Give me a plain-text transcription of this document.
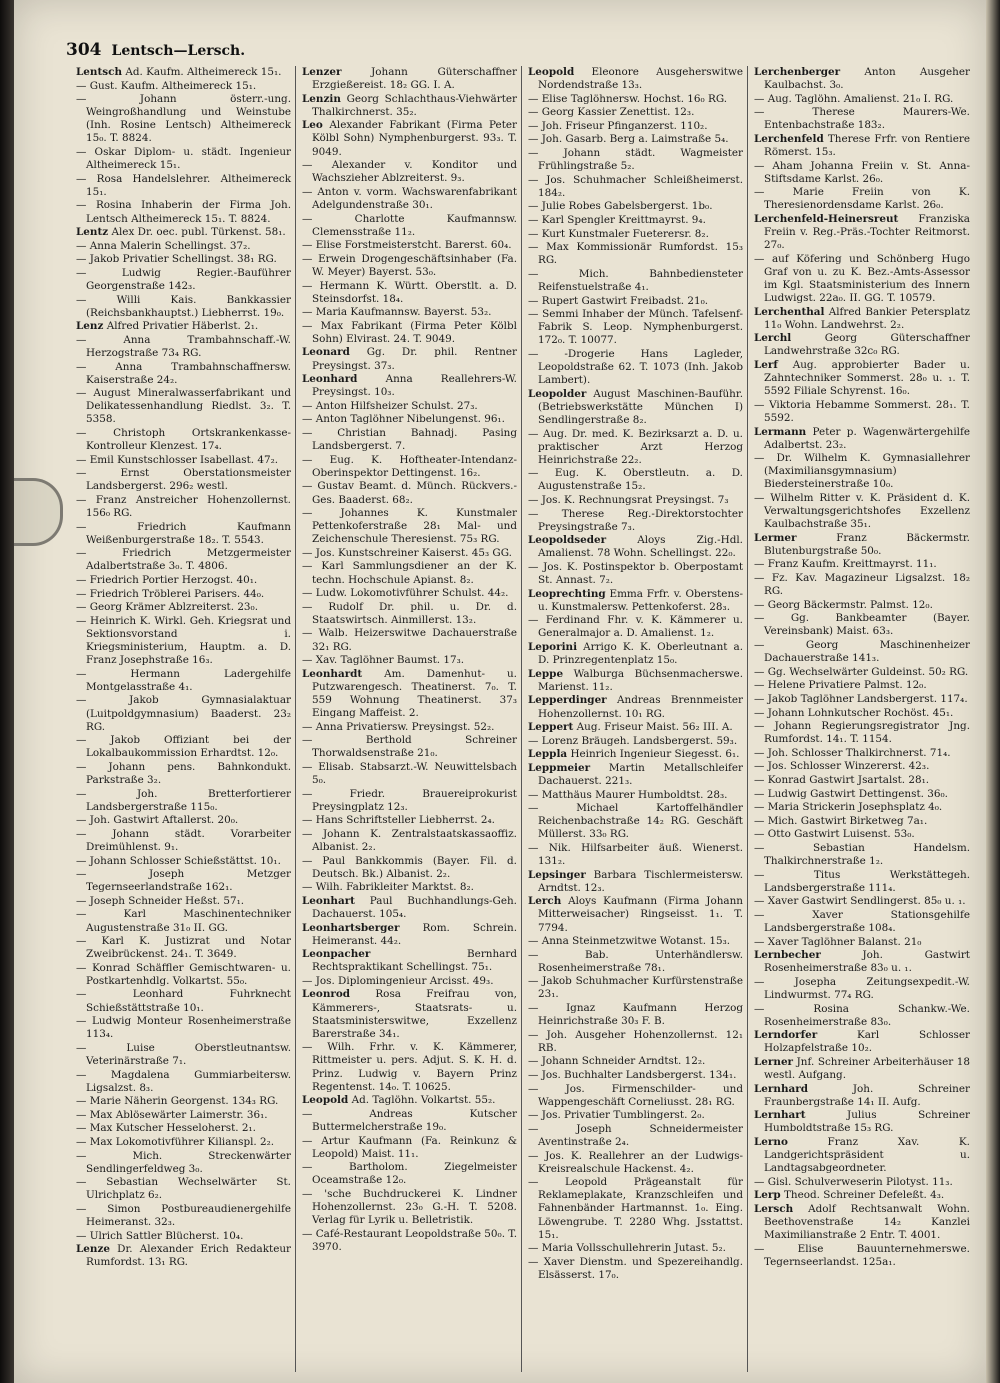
304 Lentsch—Lersch.

Lentsch Ad. Kaufm. Altheimereck 15₁.

— Gust. Kaufm. Altheimereck 15₁.

— Johann österr.-ung. Weingroßhandlung und Weinstube (Inh. Rosine Lentsch) Altheimereck 15₀. T. 8824.

— Oskar Diplom- u. städt. Ingenieur Altheimereck 15₁.

— Rosa Handelslehrer. Altheimereck 15₁.

— Rosina Inhaberin der Firma Joh. Lentsch Altheimereck 15₁. T. 8824.

Lentz Alex Dr. oec. publ. Türkenst. 58₁.

— Anna Malerin Schellingst. 37₂.

— Jakob Privatier Schellingst. 38₁ RG.

— Ludwig Regier.-Bauführer Georgenstraße 142₃.

— Willi Kais. Bankkassier (Reichsbankhauptst.) Liebherrst. 19₀.

Lenz Alfred Privatier Häberlst. 2₁.

— Anna Trambahnschaff.-W. Herzogstraße 73₄ RG.

— Anna Trambahnschaffnersw. Kaiserstraße 24₂.

— August Mineralwasserfabrikant und Delikatessenhandlung Riedlst. 3₂. T. 5358.

— Christoph Ortskrankenkasse-Kontrolleur Klenzest. 17₄.

— Emil Kunstschlosser Isabellast. 47₂.

— Ernst Oberstationsmeister Landsbergerst. 296₂ westl.

— Franz Anstreicher Hohenzollernst. 156₀ RG.

— Friedrich Kaufmann Weißenburgerstraße 18₂. T. 5543.

— Friedrich Metzgermeister Adalbertstraße 3₀. T. 4806.

— Friedrich Portier Herzogst. 40₁.

— Friedrich Tröblerei Parisers. 44₀.

— Georg Krämer Ablzreiterst. 23₀.

— Heinrich K. Wirkl. Geh. Kriegsrat und Sektionsvorstand i. Kriegsministerium, Hauptm. a. D. Franz Josephstraße 16₃.

— Hermann Ladergehilfe Montgelasstraße 4₁.

— Jakob Gymnasialaktuar (Luitpoldgymnasium) Baaderst. 23₂ RG.

— Jakob Offiziant bei der Lokalbaukommission Erhardtst. 12₀.

— Johann pens. Bahnkondukt. Parkstraße 3₂.

— Joh. Bretterfortierer Landsbergerstraße 115₀.

— Joh. Gastwirt Aftallerst. 20₀.

— Johann städt. Vorarbeiter Dreimühlenst. 9₁.

— Johann Schlosser Schießstättst. 10₁.

— Joseph Metzger Tegernseerlandstraße 162₁.

— Joseph Schneider Heßst. 57₁.

— Karl Maschinentechniker Augustenstraße 31₀ II. GG.

— Karl K. Justizrat und Notar Zweibrückenst. 24₁. T. 3649.

— Konrad Schäffler Gemischtwaren- u. Postkartenhdlg. Volkartst. 55₀.

— Leonhard Fuhrknecht Schießstättstraße 10₁.

— Ludwig Monteur Rosenheimerstraße 113₄.

— Luise Oberstleutnantsw. Veterinärstraße 7₁.

— Magdalena Gummiarbeitersw. Ligsalzst. 8₃.

— Marie Näherin Georgenst. 134₃ RG.

— Max Ablösewärter Laimerstr. 36₁.

— Max Kutscher Hesseloherst. 2₁.

— Max Lokomotivführer Kilianspl. 2₂.

— Mich. Streckenwärter Sendlingerfeldweg 3₀.

— Sebastian Wechselwärter St. Ulrichplatz 6₂.

— Simon Postbureaudienergehilfe Heimeranst. 32₃.

— Ulrich Sattler Blücherst. 10₄.

Lenze Dr. Alexander Erich Redakteur Rumfordst. 13₁ RG.

Lenzer	Johann Güterschaffner Erzgießereist. 18₂ GG. I. A.

Lenzin Georg Schlachthaus-Viehwärter Thalkirchnerst. 35₂.

Leo Alexander Fabrikant (Firma Peter Kölbl Sohn) Nymphenburgerst. 93₃. T. 9049.

— Alexander v. Konditor und Wachszieher Ablzreiterst. 9₃.

— Anton v. vorm. Wachswarenfabrikant Adelgundenstraße 30₁.

— Charlotte Kaufmannsw. Clemensstraße 11₂.

— Elise Forstmeisterstcht. Barerst. 60₄.

— Erwein Drogengeschäftsinhaber (Fa. W. Meyer) Bayerst. 53₀.

— Hermann K. Württ. Oberstlt. a. D. Steinsdorfst. 18₄.

— Maria Kaufmannsw. Bayerst. 53₂.

— Max Fabrikant (Firma Peter Kölbl Sohn) Elvirast. 24. T. 9049.

Leonard Gg. Dr. phil. Rentner Preysingst. 37₃.

Leonhard	Anna Reallehrers-W. Preysingst. 10₃.

— Anton Hilfsheizer Schulst. 27₃.

— Anton Taglöhner Nibelungenst. 96₁.

— Christian Bahnadj. Pasing Landsbergerst. 7.

— Eug. K. Hoftheater-Intendanz-Oberinspektor Dettingenst. 16₂.

— Gustav Beamt. d. Münch. Rückvers.-Ges. Baaderst. 68₂.

— Johannes K. Kunstmaler Pettenkoferstraße 28₁ Mal- und Zeichenschule Theresienst. 75₃ RG.

— Jos. Kunstschreiner Kaiserst. 45₃ GG.

— Karl Sammlungsdiener an der K. techn. Hochschule Apianst. 8₂.

— Ludw. Lokomotivführer Schulst. 44₂.

— Rudolf Dr. phil. u. Dr. d. Staatswirtsch. Ainmillerst. 13₂.

— Walb. Heizerswitwe Dachauerstraße 32₁ RG.

— Xav. Taglöhner Baumst. 17₃.

Leonhardt Am. Damenhut- u. Putzwarengesch. Theatinerst. 7₀. T. 559 Wohnung Theatinerst. 37₃ Eingang Maffeist. 2.

— Anna Privatiersw. Preysingst. 52₂.

— Berthold Schreiner Thorwaldsenstraße 21₀.

— Elisab. Stabsarzt.-W. Neuwittelsbach 5₀.

— Friedr. Brauereiprokurist Preysingplatz 12₃.

— Hans Schriftsteller Liebherrst. 2₄.

— Johann K. Zentralstaatskassaoffiz. Albanist. 2₂.

— Paul Bankkommis (Bayer. Fil. d. Deutsch. Bk.) Albanist. 2₂.

— Wilh. Fabrikleiter Marktst. 8₂.

Leonhart Paul Buchhandlungs-Geh. Dachauerst. 105₄.

Leonhartsberger Rom. Schrein. Heimeranst. 44₂.

Leonpacher	Bernhard Rechtspraktikant Schellingst. 75₁.

— Jos. Diplomingenieur Arcisst. 49₃.

Leonrod Rosa Freifrau von, Kämmerers-, Staatsrats- u. Staatsministerswitwe, Exzellenz Barerstraße 34₁.

— Wilh. Frhr. v. K. Kämmerer, Rittmeister u. pers. Adjut. S. K. H. d. Prinz. Ludwig v. Bayern Prinz Regentenst. 14₀. T. 10625.

Leopold Ad. Taglöhn. Volkartst. 55₂.

— Andreas Kutscher Buttermelcherstraße 19₀.

— Artur Kaufmann (Fa. Reinkunz & Leopold) Maist. 11₁.

— Bartholom. Ziegelmeister Oceamstraße 12₀.

— 'sche Buchdruckerei K. Lindner Hohenzollernst. 23₀ G.-H. T. 5208. Verlag für Lyrik u. Belletristik.

— Café-Restaurant Leopoldstraße 50₀. T. 3970.

Leopold Eleonore Ausgeherswitwe Nordendstraße 13₃.

— Elise Taglöhnersw. Hochst. 16₀ RG.

— Georg Kassier Zenettist. 12₃.

— Joh. Friseur Pfinganzerst. 110₂.

— Joh. Gasarb. Berg a. Laimstraße 5₄.

— Johann städt. Wagmeister Frühlingstraße 5₂.

— Jos. Schuhmacher Schleißheimerst. 184₂.

— Julie Robes Gabelsbergerst. 1b₀.

— Karl Spengler Kreittmayrst. 9₄.

— Kurt Kunstmaler Fueterersr. 8₂.

— Max Kommissionär Rumfordst. 15₃ RG.

— Mich. Bahnbediensteter Reifenstuelstraße 4₁.

— Rupert Gastwirt Freibadst. 21₀.

— Semmi Inhaber der Münch. Tafelsenf-Fabrik S. Leop. Nymphenburgerst. 172₀. T. 10077.

— -Drogerie Hans Lagleder, Leopoldstraße 62. T. 1073 (Inh. Jakob Lambert).

Leopolder August Maschinen-Bauführ. (Betriebswerkstätte München I) Sendlingerstraße 8₂.

— Aug. Dr. med. K. Bezirksarzt a. D. u. praktischer Arzt Herzog Heinrichstraße 22₂.

— Eug. K. Oberstleutn. a. D. Augustenstraße 15₂.

— Jos. K. Rechnungsrat Preysingst. 7₃

— Therese Reg.-Direktorstochter Preysingstraße 7₃.

Leopoldseder	Aloys Zig.-Hdl. Amalienst. 78 Wohn. Schellingst. 22₀.

— Jos. K. Postinspektor b. Oberpostamt St. Annast. 7₂.

Leoprechting Emma Frfr. v. Oberstens- u. Kunstmalersw. Pettenkoferst. 28₃.

— Ferdinand Fhr. v. K. Kämmerer u. Generalmajor a. D. Amalienst. 1₂.

Leporini Arrigo K. K. Oberleutnant a. D. Prinzregentenplatz 15₀.

Leppe Walburga Büchsenmacherswe. Marienst. 11₂.

Lepperdinger Andreas Brennmeister Hohenzollernst. 10₁ RG.

Leppert Aug. Friseur Maist. 56₂ III. A.

— Lorenz Bräugeh. Landsbergerst. 59₃.

Leppla Heinrich Ingenieur Siegesst. 6₁.

Leppmeier Martin Metallschleifer Dachauerst. 221₃.

— Matthäus Maurer Humboldtst. 28₃.

— Michael Kartoffelhändler Reichenbachstraße 14₂ RG. Geschäft Müllerst. 33₀ RG.

— Nik. Hilfsarbeiter äuß. Wienerst. 131₂.

Lepsinger Barbara Tischlermeistersw. Arndtst. 12₃.

Lerch Aloys Kaufmann (Firma Johann Mitterweisacher) Ringseisst. 1₁. T. 7794.

— Anna Steinmetzwitwe Wotanst. 15₃.

— Bab. Unterhändlersw. Rosenheimerstraße 78₁.

— Jakob Schuhmacher Kurfürstenstraße 23₁.

— Ignaz Kaufmann Herzog Heinrichstraße 30₃ F. B.

— Joh. Ausgeher Hohenzollernst. 12₁ RB.

— Johann Schneider Arndtst. 12₂.

— Jos. Buchhalter Landsbergerst. 134₁.

— Jos. Firmenschilder- und Wappengeschäft Corneliusst. 28₁ RG.

— Jos. Privatier Tumblingerst. 2₀.

— Joseph Schneidermeister Aventinstraße 2₄.

— Jos. K. Reallehrer an der Ludwigs-Kreisrealschule Hackenst. 4₂.

— Leopold Prägeanstalt für Reklameplakate, Kranzschleifen und Fahnenbänder Hartmannst. 1₀. Eing. Löwengrube. T. 2280 Whg. Jsstattst. 15₁.

— Maria Vollsschullehrerin Jutast. 5₂.

— Xaver Dienstm. und Spezereihandlg. Elsässerst. 17₀.

Lerchenberger Anton Ausgeher Kaulbachst. 3₀.

— Aug. Taglöhn. Amalienst. 21₀ I. RG.

— Therese Maurers-We. Entenbachstraße 183₂.

Lerchenfeld Therese Frfr. von Rentiere Römerst. 15₃.

— Aham Johanna Freiin v. St. Anna-Stiftsdame Karlst. 26₀.

— Marie Freiin von K. Theresienordensdame Karlst. 26₀.

Lerchenfeld-Heinersreut Franziska Freiin v. Reg.-Präs.-Tochter Reitmorst. 27₀.

— auf Köfering und Schönberg Hugo Graf von u. zu K. Bez.-Amts-Assessor im Kgl. Staatsministerium des Innern Ludwigst. 22a₀. II. GG. T. 10579.

Lerchenthal Alfred Bankier Petersplatz 11₀ Wohn. Landwehrst. 2₂.

Lerchl	Georg Güterschaffner Landwehrstraße 32c₀ RG.

Lerf Aug. approbierter Bader u. Zahntechniker Sommerst. 28₀ u. ₁. T. 5592 Filiale Schyrenst. 16₀.

— Viktoria Hebamme Sommerst. 28₁. T. 5592.

Lermann Peter p. Wagenwärtergehilfe Adalbertst. 23₂.

— Dr. Wilhelm K. Gymnasiallehrer (Maximiliansgymnasium) Biedersteinerstraße 10₀.

— Wilhelm Ritter v. K. Präsident d. K. Verwaltungsgerichtshofes Exzellenz Kaulbachstraße 35₁.

Lermer	Franz Bäckermstr. Blutenburgstraße 50₀.

— Franz Kaufm. Kreittmayrst. 11₁.

— Fz. Kav. Magazineur Ligsalzst. 18₂ RG.

— Georg Bäckermstr. Palmst. 12₀.

— Gg. Bankbeamter (Bayer. Vereinsbank) Maist. 63₃.

— Georg Maschinenheizer Dachauerstraße 141₃.

— Gg. Wechselwärter Guldeinst. 50₂ RG.

— Helene Privatiere Palmst. 12₀.

— Jakob Taglöhner Landsbergerst. 117₄.

— Johann Lohnkutscher Rochöst. 45₁.

— Johann Regierungsregistrator Jng. Rumfordst. 14₁. T. 1154.

— Joh. Schlosser Thalkirchnerst. 71₄.

— Jos. Schlosser Winzererst. 42₃.

— Konrad Gastwirt Jsartalst. 28₁.

— Ludwig Gastwirt Dettingenst. 36₀.

— Maria Strickerin Josephsplatz 4₀.

— Mich. Gastwirt Birketweg 7a₁.

— Otto Gastwirt Luisenst. 53₀.

— Sebastian Handelsm. Thalkirchnerstraße 1₂.

— Titus Werkstättegeh. Landsbergerstraße 111₄.

— Xaver Gastwirt Sendlingerst. 85₀ u. ₁.

— Xaver Stationsgehilfe Landsbergerstraße 108₄.

— Xaver Taglöhner Balanst. 21₀

Lernbecher	Joh. Gastwirt Rosenheimerstraße 83₀ u. ₁.

— Josepha Zeitungsexpedit.-W. Lindwurmst. 77₄ RG.

— Rosina Schankw.-We. Rosenheimerstraße 83₀.

Lerndorfer	Karl Schlosser Holzapfelstraße 10₂.

Lerner Jnf. Schreiner Arbeiterhäuser 18 westl. Aufgang.

Lernhard	Joh. Schreiner Fraunbergstraße 14₁ II. Aufg.

Lernhart	Julius Schreiner Humboldtstraße 15₃ RG.

Lerno	Franz Xav. K. Landgerichtspräsident u. Landtagsabgeordneter.

— Gisl. Schulverweserin Pilotyst. 11₃.

Lerp Theod. Schreiner Defeleßt. 4₃.

Lersch Adolf Rechtsanwalt Wohn. Beethovenstraße 14₂ Kanzlei Maximilianstraße 2 Entr. T. 4001.

— Elise Bauunternehmerswe. Tegernseerlandst. 125a₁.
